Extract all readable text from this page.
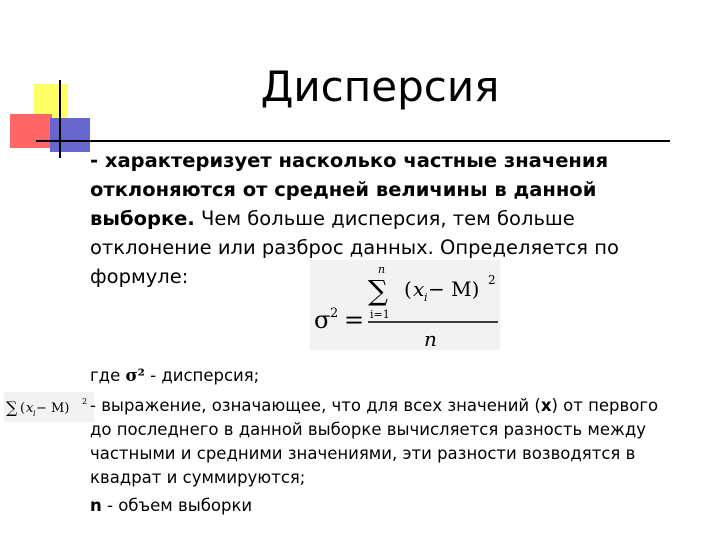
Дисперсия
- характеризует насколько частные значения
отклоняются от средней величины в данной
выборке. Чем больше дисперсия, тем больше
отклонение или разброс данных. Определяется по
формуле:
σ 2 =
n
∑
i=1
( x i − M) 2
n
где σ² - дисперсия;
∑ ( x i − M) 2 - выражение, означающее, что для всех значений (x) от первого
до последнего в данной выборке вычисляется разность между
частными и средними значениями, эти разности возводятся в
квадрат и суммируются;
n - объем выборки
